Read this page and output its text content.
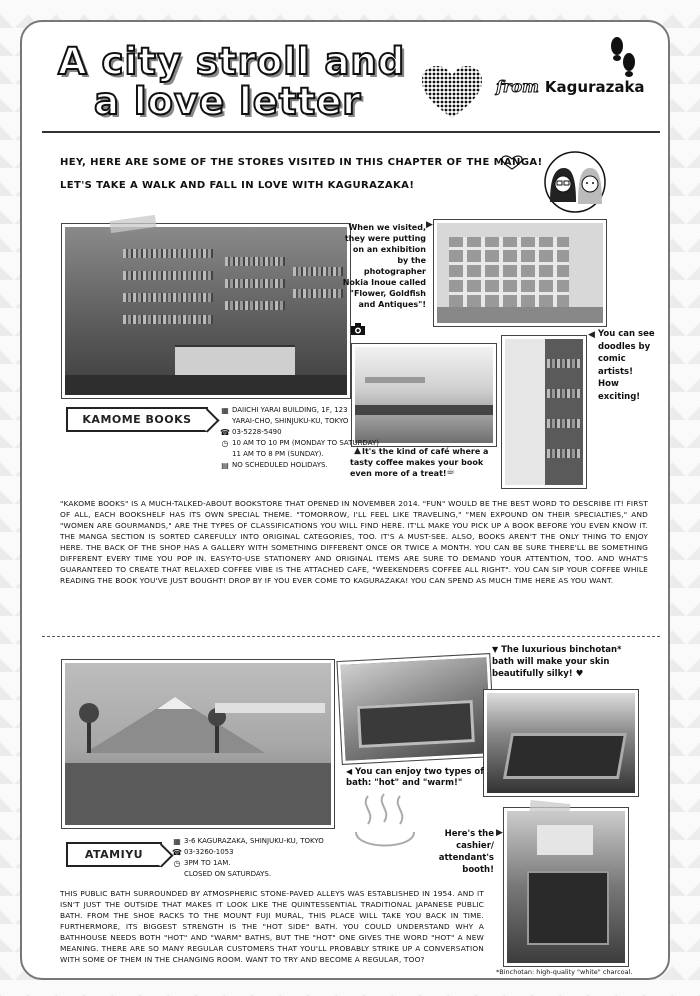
A city stroll and
a love letter	from Kagurazaka
HEY, HERE ARE SOME OF THE STORES VISITED IN THIS CHAPTER OF THE MANGA!
LET'S TAKE A WALK AND FALL IN LOVE WITH KAGURAZAKA!
When we visited, they were putting on an exhibition by the photographer Nokia Inoue called "Flower, Goldfish and Antiques"!
▶
◀ You can see doodles by comic artists! How exciting!
▲ It's the kind of café where a tasty coffee makes your book even more of a treat! ☕
KAMOME BOOKS
▦ DAIICHI YARAI BUILDING, 1F, 123
YARAI-CHO, SHINJUKU-KU, TOKYO
☎ 03-5228-5490
◷ 10 AM TO 10 PM (MONDAY TO SATURDAY)
11 AM TO 8 PM (SUNDAY).
▤ NO SCHEDULED HOLIDAYS.
"KAKOME BOOKS" IS A MUCH-TALKED-ABOUT BOOKSTORE THAT OPENED IN NOVEMBER 2014. "FUN" WOULD BE THE BEST WORD TO DESCRIBE IT! FIRST OF ALL, EACH BOOKSHELF HAS ITS OWN SPECIAL THEME. "TOMORROW, I'LL FEEL LIKE TRAVELING," "MEN EXPOUND ON THEIR SPECIALTIES," AND "WOMEN ARE GOURMANDS," ARE THE TYPES OF CLASSIFICATIONS YOU WILL FIND HERE. IT'LL MAKE YOU PICK UP A BOOK BEFORE YOU EVEN KNOW IT. THE MANGA SECTION IS SORTED CAREFULLY INTO ORIGINAL CATEGORIES, TOO. IT'S A MUST-SEE. ALSO, BOOKS AREN'T THE ONLY THING TO ENJOY HERE. THE BACK OF THE SHOP HAS A GALLERY WITH SOMETHING DIFFERENT ONCE OR TWICE A MONTH. YOU CAN BE SURE THERE'LL BE SOMETHING DIFFERENT EVERY TIME YOU POP IN. EASY-TO-USE STATIONERY AND ORIGINAL ITEMS ARE SURE TO DEMAND YOUR ATTENTION, TOO. AND WHAT'S GUARANTEED TO CREATE THAT RELAXED COFFEE VIBE IS THE ATTACHED CAFE, "WEEKENDERS COFFEE ALL RIGHT". YOU CAN SIP YOUR COFFEE WHILE READING THE BOOK YOU'VE JUST BOUGHT! DROP BY IF YOU EVER COME TO KAGURAZAKA! YOU CAN SPEND AS MUCH TIME HERE AS YOU WANT.
▼ The luxurious binchotan* bath will make your skin beautifully silky! ♥
◀ You can enjoy two types of bath: "hot" and "warm!"
Here's the cashier/ attendant's booth!
▶
*Binchotan: high-quality "white" charcoal.
ATAMIYU
▦ 3-6 KAGURAZAKA, SHINJUKU-KU, TOKYO
☎ 03-3260-1053
◷ 3PM TO 1AM.
CLOSED ON SATURDAYS.
THIS PUBLIC BATH SURROUNDED BY ATMOSPHERIC STONE-PAVED ALLEYS WAS ESTABLISHED IN 1954. AND IT ISN'T JUST THE OUTSIDE THAT MAKES IT LOOK LIKE THE QUINTESSENTIAL TRADITIONAL JAPANESE PUBLIC BATH. FROM THE SHOE RACKS TO THE MOUNT FUJI MURAL, THIS PLACE WILL TAKE YOU BACK IN TIME. FURTHERMORE, ITS BIGGEST STRENGTH IS THE "HOT SIDE" BATH. YOU COULD UNDERSTAND WHY A BATHHOUSE NEEDS BOTH "HOT" AND "WARM" BATHS, BUT THE "HOT" ONE GIVES THE WORD "HOT" A NEW MEANING. THERE ARE SO MANY REGULAR CUSTOMERS THAT YOU'LL PROBABLY STRIKE UP A CONVERSATION WITH SOME OF THEM IN THE CHANGING ROOM. WANT TO TRY AND BECOME A REGULAR, TOO?
